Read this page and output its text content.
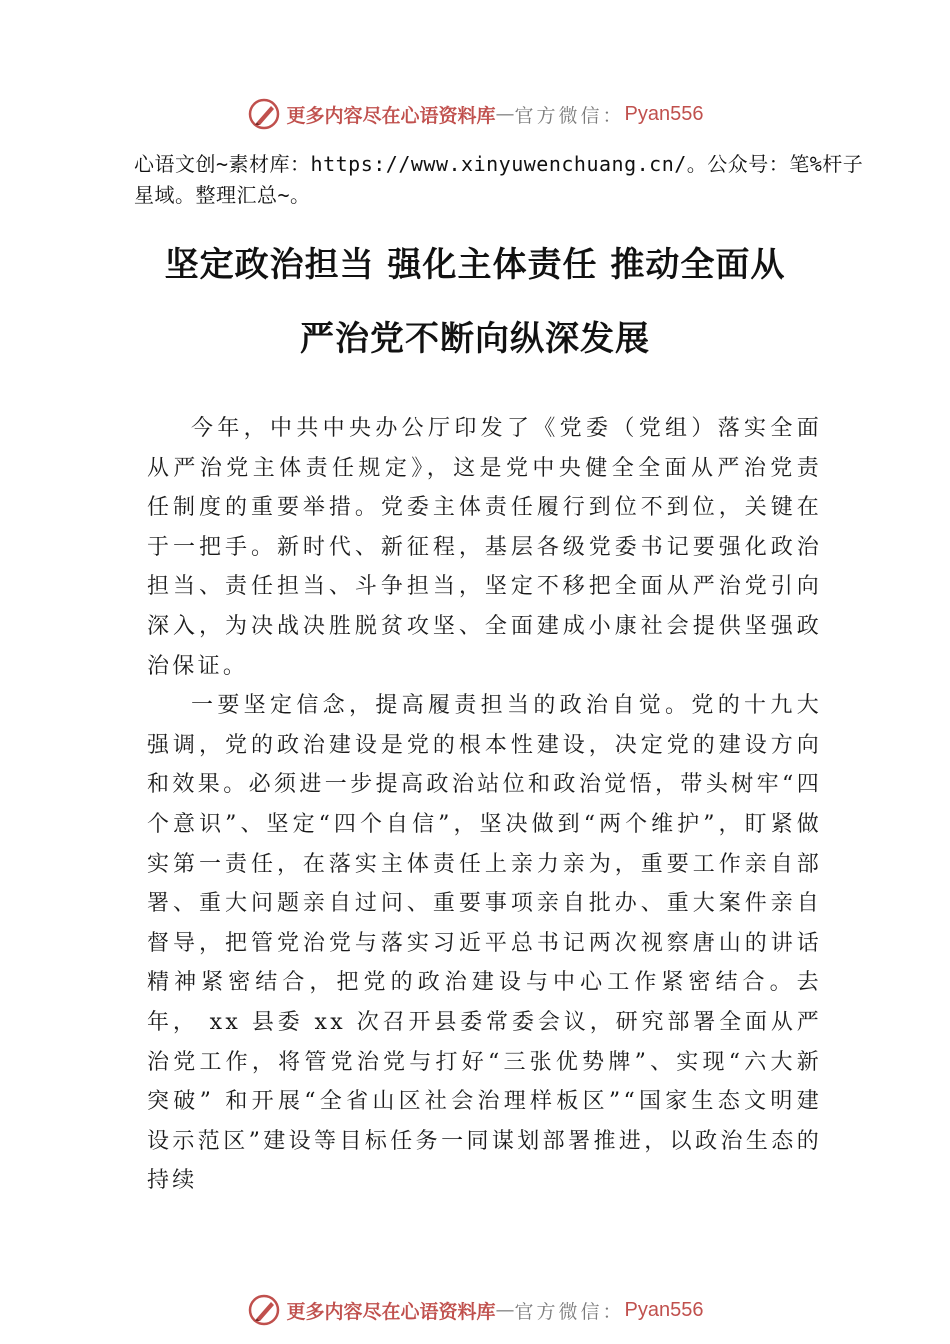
更多内容尽在心语资料库 — 官方微信： Pyan556
心语文创~素材库：https://www.xinyuwenchuang.cn/。公众号：笔%杆子星域。整理汇总~。
坚定政治担当 强化主体责任 推动全面从
严治党不断向纵深发展

今年，中共中央办公厅印发了《党委（党组）落实全面从严治党主体责任规定》，这是党中央健全全面从严治党责 任制度的重要举措。党委主体责任履行到位不到位，关键在于一把手。新时代、新征程，基层各级党委书记要强化政治担当、责任担当、斗争担当，坚定不移把全面从严治党引向深入，为决战决胜脱贫攻坚、全面建成小康社会提供坚强政治保证。

一要坚定信念，提高履责担当的政治自觉。党的十九大强调，党的政治建设是党的根本性建设，决定党的建设方向和效果。必须进一步提高政治站位和政治觉悟，带头树牢“四个意识”、坚定“四个自信”，坚决做到“两个维护”，盯紧做实第一责任，在落实主体责任上亲力亲为，重要工作亲自部署、重大问题亲自过问、重要事项亲自批办、重大案件亲自督导，把管党治党与落实习近平总书记两次视察唐山的讲话精神紧密结合，把党的政治建设与中心工作紧密结合。去年， xx 县委 xx 次召开县委常委会议，研究部署全面从严治党工作，将管党治党与打好“三张优势牌”、实现“六大新突破” 和开展“全省山区社会治理样板区”“国家生态文明建设示范区”建设等目标任务一同谋划部署推进，以政治生态的持续

更多内容尽在心语资料库 — 官方微信： Pyan556
